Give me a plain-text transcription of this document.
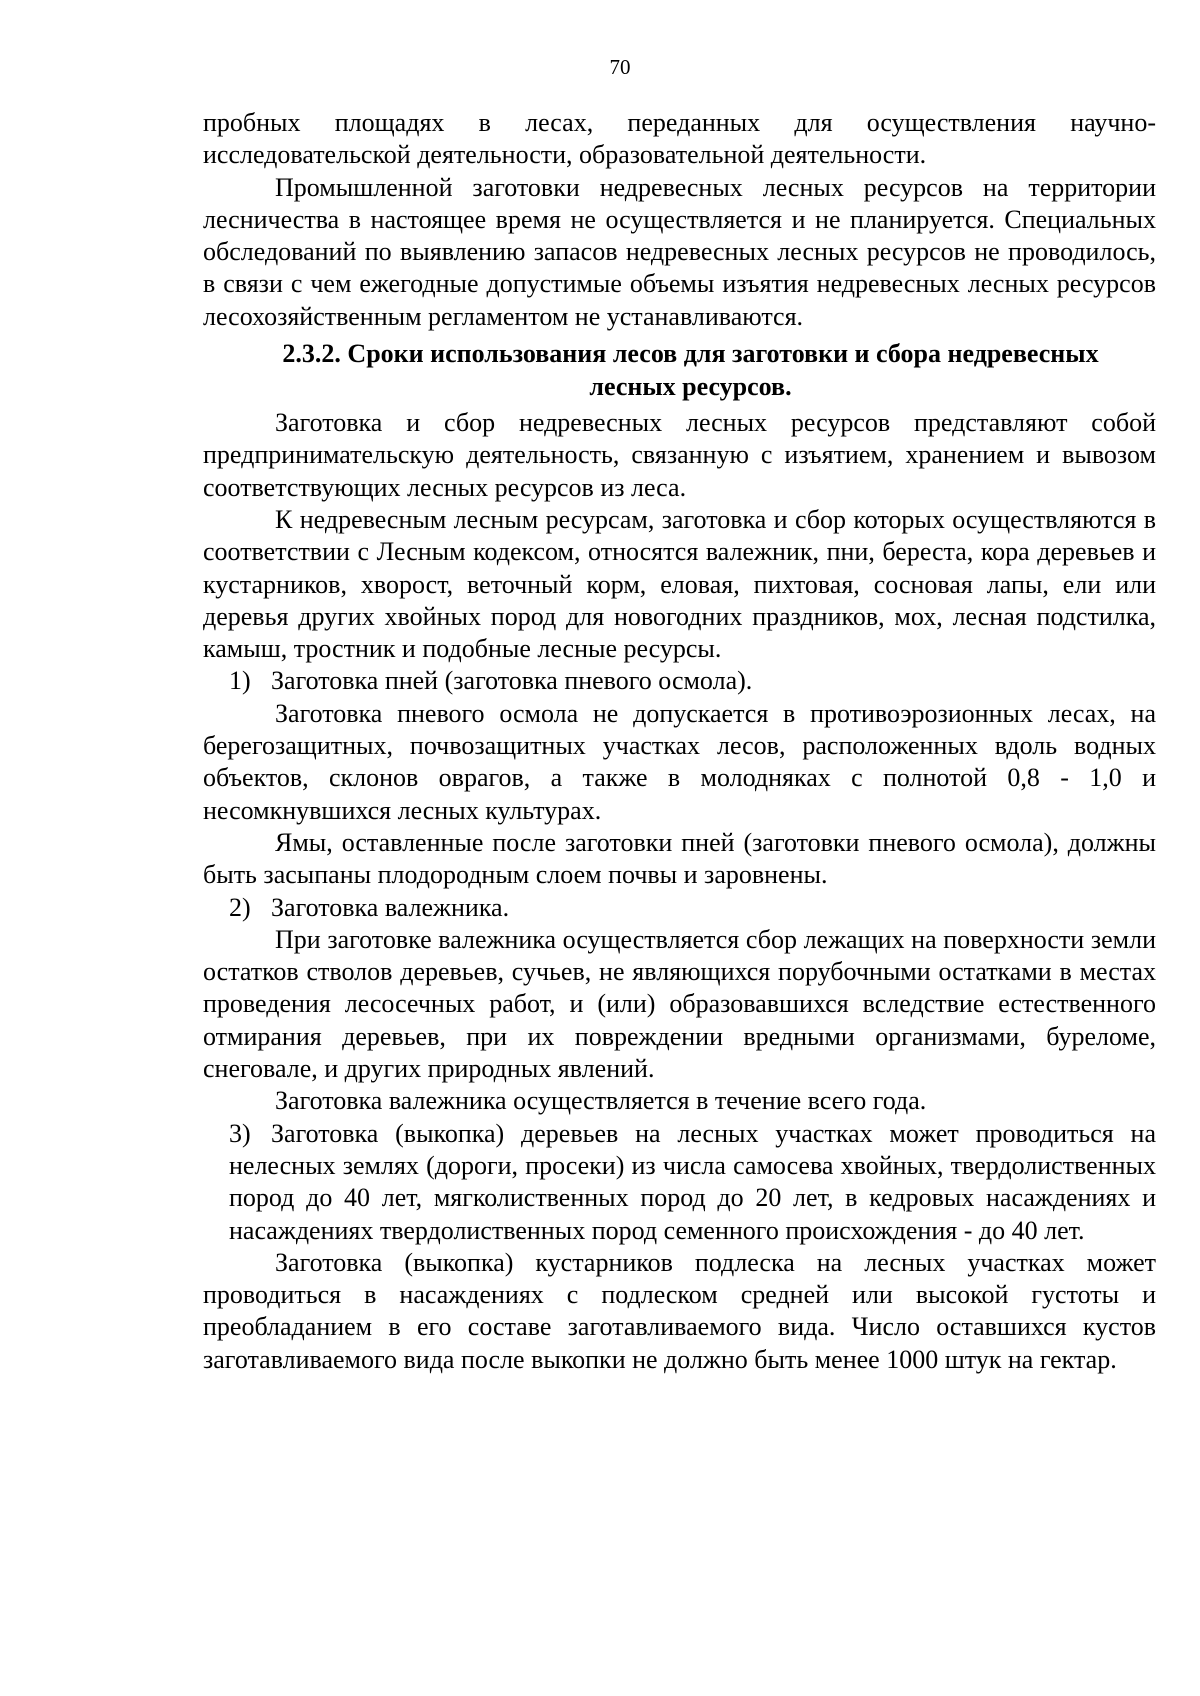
70

пробных площадях в лесах, переданных для осуществления научно-исследовательской деятельности, образовательной деятельности.

Промышленной заготовки недревесных лесных ресурсов на территории лесничества в настоящее время не осуществляется и не планируется. Специальных обследований по выявлению запасов недревесных лесных ресурсов не проводилось, в связи с чем ежегодные допустимые объемы изъятия недревесных лесных ресурсов лесохозяйственным регламентом не устанавливаются.

2.3.2. Сроки использования лесов для заготовки и сбора недревесных
лесных ресурсов.

Заготовка и сбор недревесных лесных ресурсов представляют собой предпринимательскую деятельность, связанную с изъятием, хранением и вывозом соответствующих лесных ресурсов из леса.

К недревесным лесным ресурсам, заготовка и сбор которых осуществляются в соответствии с Лесным кодексом, относятся валежник, пни, береста, кора деревьев и кустарников, хворост, веточный корм, еловая, пихтовая, сосновая лапы, ели или деревья других хвойных пород для новогодних праздников, мох, лесная подстилка, камыш, тростник и подобные лесные ресурсы.

1) Заготовка пней (заготовка пневого осмола).

Заготовка пневого осмола не допускается в противоэрозионных лесах, на берегозащитных, почвозащитных участках лесов, расположенных вдоль водных объектов, склонов оврагов, а также в молодняках с полнотой 0,8 - 1,0 и несомкнувшихся лесных культурах.

Ямы, оставленные после заготовки пней (заготовки пневого осмола), должны быть засыпаны плодородным слоем почвы и заровнены.

2) Заготовка валежника.

При заготовке валежника осуществляется сбор лежащих на поверхности земли остатков стволов деревьев, сучьев, не являющихся порубочными остатками в местах проведения лесосечных работ, и (или) образовавшихся вследствие естественного отмирания деревьев, при их повреждении вредными организмами, буреломе, снеговале, и других природных явлений.

Заготовка валежника осуществляется в течение всего года.

3) Заготовка (выкопка) деревьев на лесных участках может проводиться на нелесных землях (дороги, просеки) из числа самосева хвойных, твердолиственных пород до 40 лет, мягколиственных пород до 20 лет, в кедровых насаждениях и насаждениях твердолиственных пород семенного происхождения - до 40 лет.

Заготовка (выкопка) кустарников подлеска на лесных участках может проводиться в насаждениях с подлеском средней или высокой густоты и преобладанием в его составе заготавливаемого вида. Число оставшихся кустов заготавливаемого вида после выкопки не должно быть менее 1000 штук на гектар.
